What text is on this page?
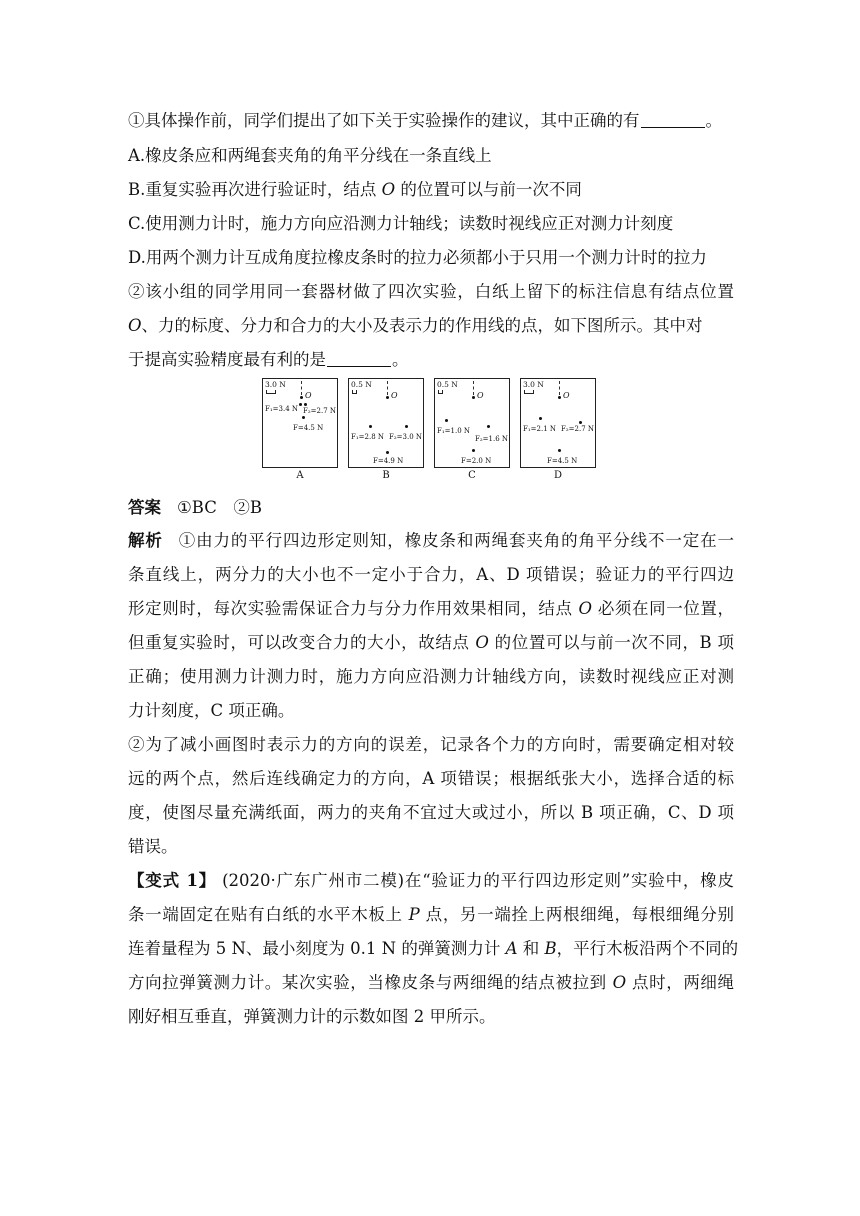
①具体操作前，同学们提出了如下关于实验操作的建议，其中正确的有	。
A.橡皮条应和两绳套夹角的角平分线在一条直线上
B.重复实验再次进行验证时，结点 O 的位置可以与前一次不同
C.使用测力计时，施力方向应沿测力计轴线；读数时视线应正对测力计刻度
D.用两个测力计互成角度拉橡皮条时的拉力必须都小于只用一个测力计时的拉力
②该小组的同学用同一套器材做了四次实验，白纸上留下的标注信息有结点位置
O、力的标度、分力和合力的大小及表示力的作用线的点，如下图所示。其中对
于提高实验精度最有利的是	。
3.0 N
O
F₁=3.4 N F₂=2.7 N
F=4.5 N
A
0.5 N
O
F₁=2.8 N F₂=3.0 N
F=4.9 N
B
0.5 N
O
F₁=1.0 N
F₂=1.6 N
F=2.0 N
C
3.0 N
O
F₁=2.1 N F₂=2.7 N
F=4.5 N
D
答案 ①BC　②B
解析 ①由力的平行四边形定则知，橡皮条和两绳套夹角的角平分线不一定在一
条直线上，两分力的大小也不一定小于合力，A、D 项错误；验证力的平行四边
形定则时，每次实验需保证合力与分力作用效果相同，结点 O 必须在同一位置，
但重复实验时，可以改变合力的大小，故结点 O 的位置可以与前一次不同，B 项
正确；使用测力计测力时，施力方向应沿测力计轴线方向，读数时视线应正对测
力计刻度，C 项正确。
②为了减小画图时表示力的方向的误差，记录各个力的方向时，需要确定相对较
远的两个点，然后连线确定力的方向，A 项错误；根据纸张大小，选择合适的标
度，使图尽量充满纸面，两力的夹角不宜过大或过小，所以 B 项正确，C、D 项
错误。
【变式 1】 (2020·广东广州市二模)在“验证力的平行四边形定则”实验中，橡皮
条一端固定在贴有白纸的水平木板上 P 点，另一端拴上两根细绳，每根细绳分别
连着量程为 5 N、最小刻度为 0.1 N 的弹簧测力计 A 和 B，平行木板沿两个不同的
方向拉弹簧测力计。某次实验，当橡皮条与两细绳的结点被拉到 O 点时，两细绳
刚好相互垂直，弹簧测力计的示数如图 2 甲所示。
